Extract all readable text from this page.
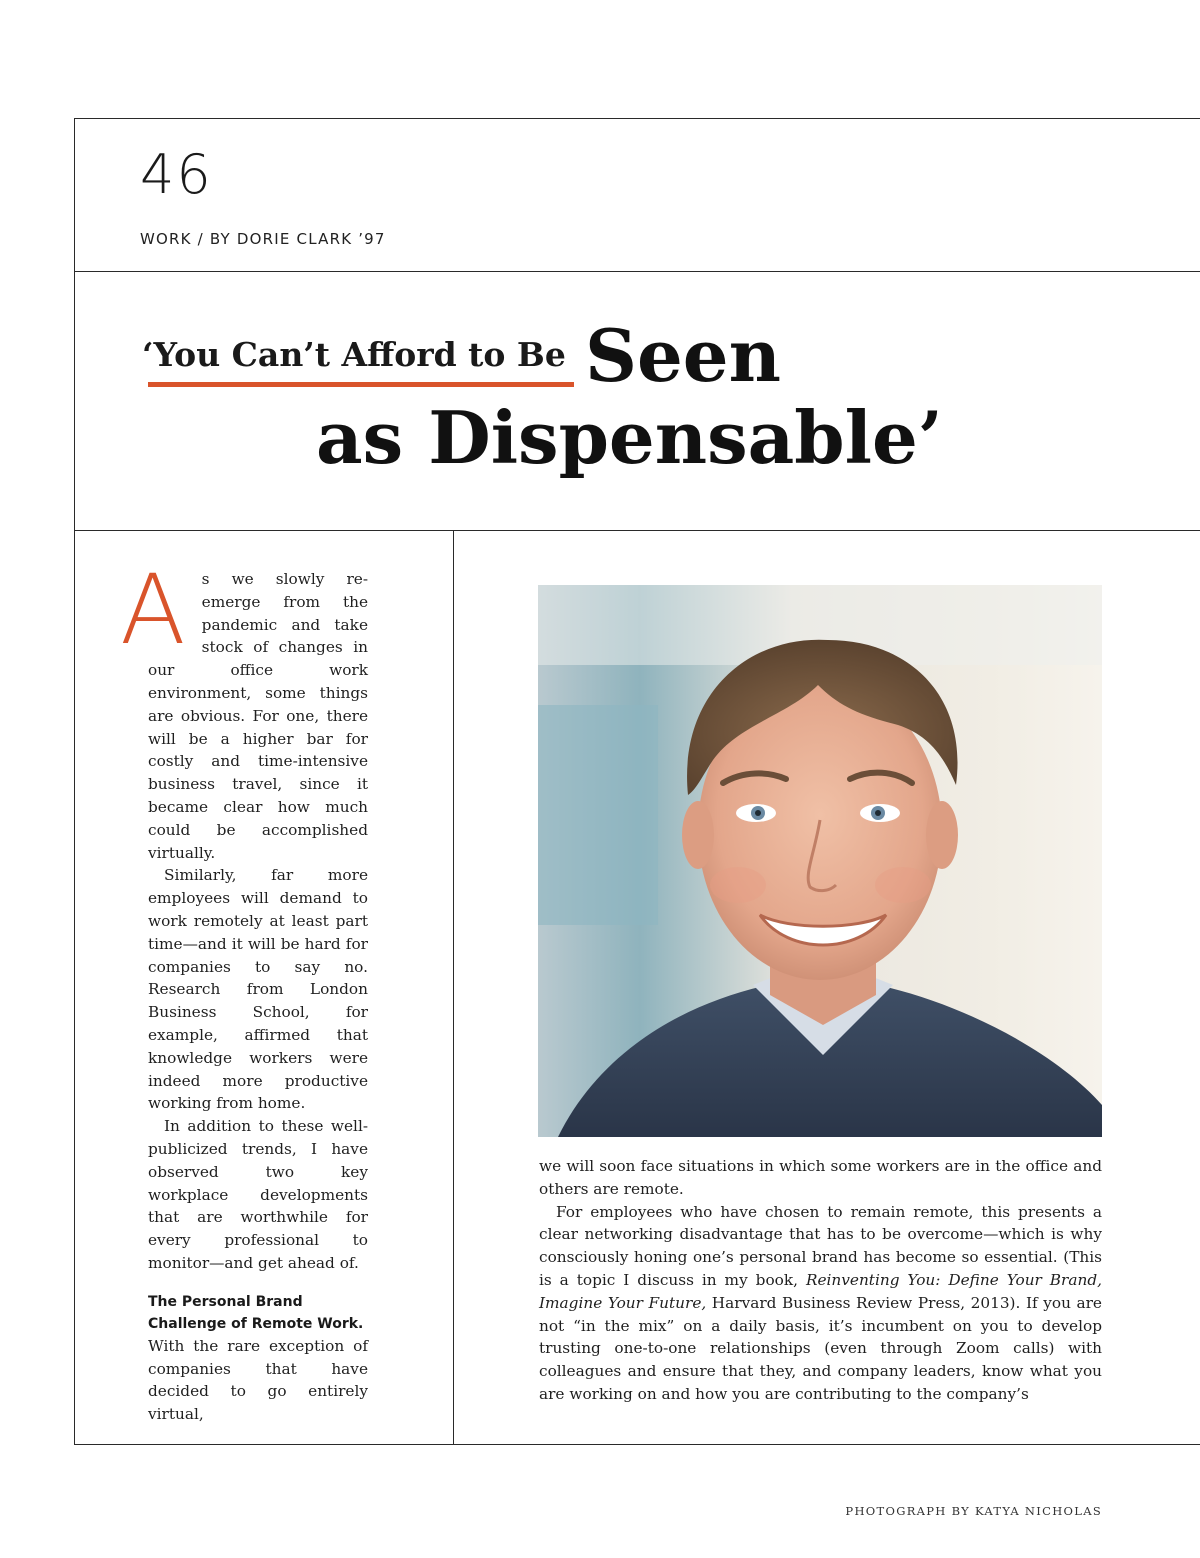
46
WORK / BY DORIE CLARK ’97
‘You Can’t Afford to Be Seen
as Dispensable’
A	s we slowly re-emerge from the pandemic and take stock of changes in our office work environment, some things are obvious. For one, there will be a higher bar for costly and time-intensive business travel, since it became clear how much could be accomplished virtually.

Similarly, far more employees will demand to work remotely at least part time—and it will be hard for companies to say no. Research from London Business School, for example, affirmed that knowledge workers were indeed more productive working from home.

In addition to these well-publicized trends, I have observed two key workplace developments that are worthwhile for every professional to monitor—and get ahead of.

The Personal Brand Challenge of Remote Work.

With the rare exception of companies that have decided to go entirely virtual,

we will soon face situations in which some workers are in the office and others are remote.

For employees who have chosen to remain remote, this presents a clear networking disadvantage that has to be overcome—which is why consciously honing one’s personal brand has become so essential. (This is a topic I discuss in my book, Reinventing You: Define Your Brand, Imagine Your Future, Harvard Business Review Press, 2013). If you are not “in the mix” on a daily basis, it’s incumbent on you to develop trusting one-to-one relationships (even through Zoom calls) with colleagues and ensure that they, and company leaders, know what you are working on and how you are contributing to the company’s

PHOTOGRAPH BY KATYA NICHOLAS
